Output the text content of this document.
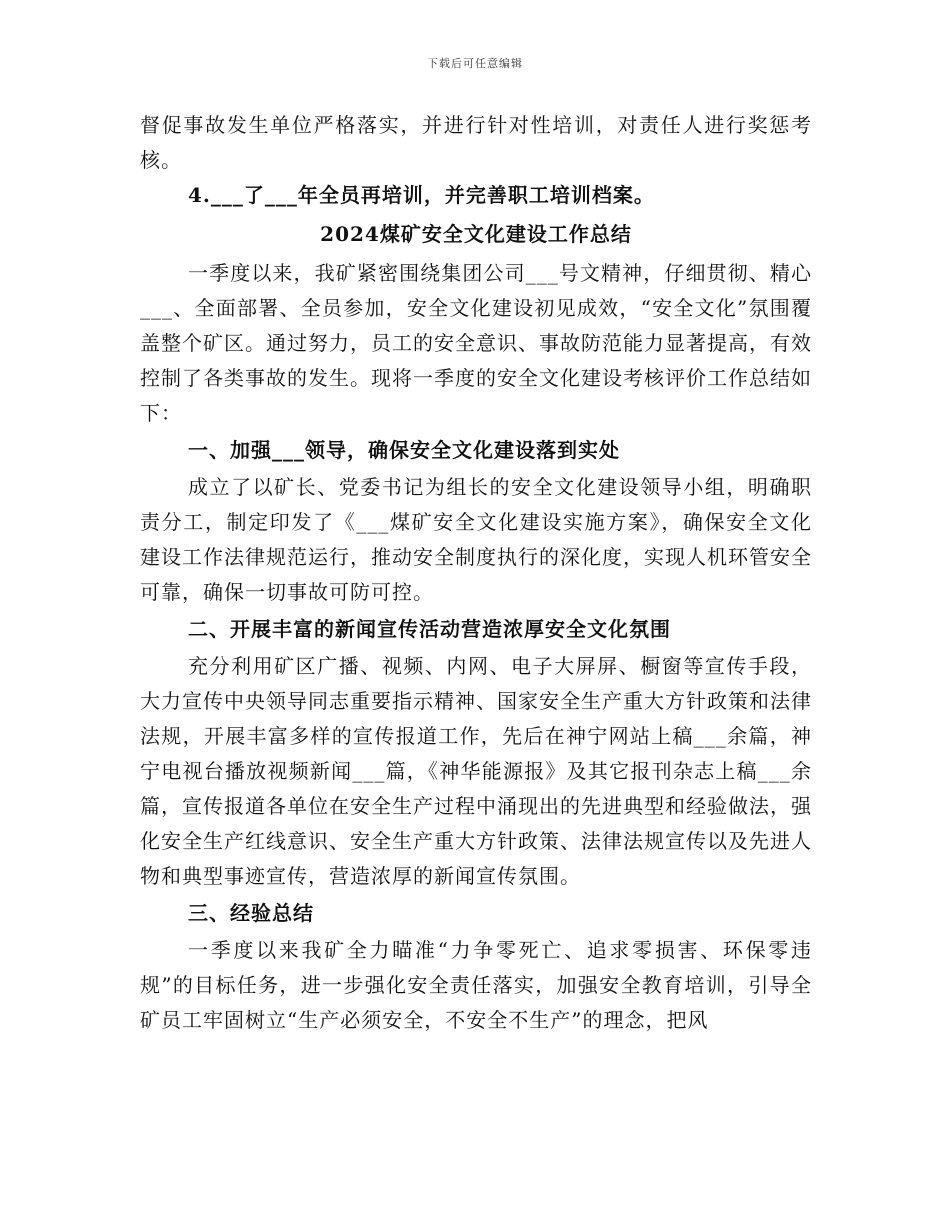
下载后可任意编辑

督促事故发生单位严格落实，并进行针对性培训，对责任人进行奖惩考核。

4.___了___年全员再培训，并完善职工培训档案。

2024煤矿安全文化建设工作总结

一季度以来，我矿紧密围绕集团公司___号文精神，仔细贯彻、精心___、全面部署、全员参加，安全文化建设初见成效，“安全文化”氛围覆盖整个矿区。通过努力，员工的安全意识、事故防范能力显著提高，有效控制了各类事故的发生。现将一季度的安全文化建设考核评价工作总结如下：

一、加强___领导，确保安全文化建设落到实处

成立了以矿长、党委书记为组长的安全文化建设领导小组，明确职责分工，制定印发了《___煤矿安全文化建设实施方案》，确保安全文化建设工作法律规范运行，推动安全制度执行的深化度，实现人机环管安全可靠，确保一切事故可防可控。

二、开展丰富的新闻宣传活动营造浓厚安全文化氛围

充分利用矿区广播、视频、内网、电子大屏屏、橱窗等宣传手段，大力宣传中央领导同志重要指示精神、国家安全生产重大方针政策和法律法规，开展丰富多样的宣传报道工作，先后在神宁网站上稿___余篇，神宁电视台播放视频新闻___篇，《神华能源报》及其它报刊杂志上稿___余篇，宣传报道各单位在安全生产过程中涌现出的先进典型和经验做法，强化安全生产红线意识、安全生产重大方针政策、法律法规宣传以及先进人物和典型事迹宣传，营造浓厚的新闻宣传氛围。

三、经验总结

一季度以来我矿全力瞄准“力争零死亡、追求零损害、环保零违规”的目标任务，进一步强化安全责任落实，加强安全教育培训，引导全矿员工牢固树立“生产必须安全，不安全不生产”的理念，把风
